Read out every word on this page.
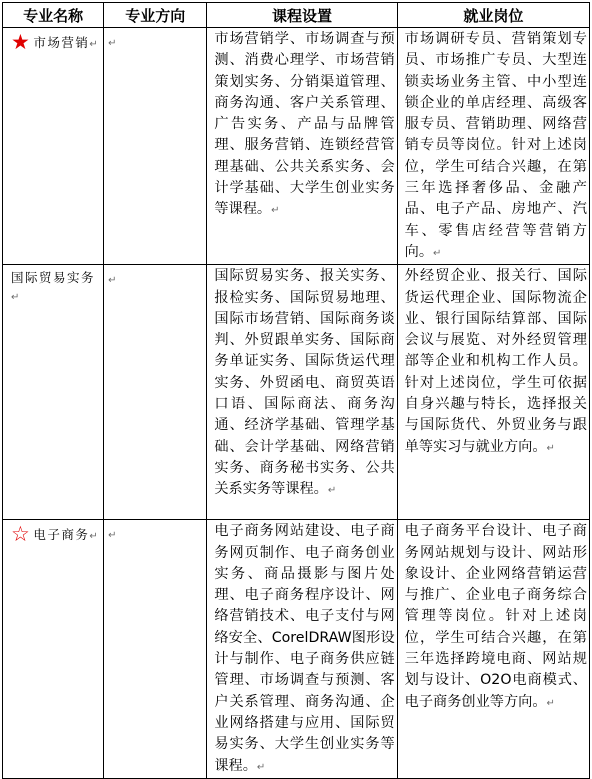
专业名称	专业方向	课程设置	就业岗位
★ 市场营销↵	↵	市场营销学、市场调查与预测、消费心理学、市场营销策划实务、分销渠道管理、商务沟通、客户关系管理、广告实务、产品与品牌管理、服务营销、连锁经营管理基础、公共关系实务、会计学基础、大学生创业实务等课程。↵	市场调研专员、营销策划专员、市场推广专员、大型连锁卖场业务主管、中小型连锁企业的单店经理、高级客服专员、营销助理、网络营销专员等岗位。针对上述岗位，学生可结合兴趣，在第三年选择奢侈品、金融产品、电子产品、房地产、汽车、零售店经营等营销方向。↵
国际贸易实务↵	↵	国际贸易实务、报关实务、报检实务、国际贸易地理、国际市场营销、国际商务谈判、外贸跟单实务、国际商务单证实务、国际货运代理实务、外贸函电、商贸英语口语、国际商法、商务沟通、经济学基础、管理学基础、会计学基础、网络营销实务、商务秘书实务、公共关系实务等课程。↵	外经贸企业、报关行、国际货运代理企业、国际物流企业、银行国际结算部、国际会议与展览、对外经贸管理部等企业和机构工作人员。针对上述岗位，学生可依据自身兴趣与特长，选择报关与国际货代、外贸业务与跟单等实习与就业方向。↵
☆ 电子商务↵	↵	电子商务网站建设、电子商务网页制作、电子商务创业实务、商品摄影与图片处理、电子商务程序设计、网络营销技术、电子支付与网络安全、CorelDRAW图形设计与制作、电子商务供应链管理、市场调查与预测、客户关系管理、商务沟通、企业网络搭建与应用、国际贸易实务、大学生创业实务等课程。↵	电子商务平台设计、电子商务网站规划与设计、网站形象设计、企业网络营销运营与推广、企业电子商务综合管理等岗位。针对上述岗位，学生可结合兴趣，在第三年选择跨境电商、网站规划与设计、O2O电商模式、电子商务创业等方向。↵
